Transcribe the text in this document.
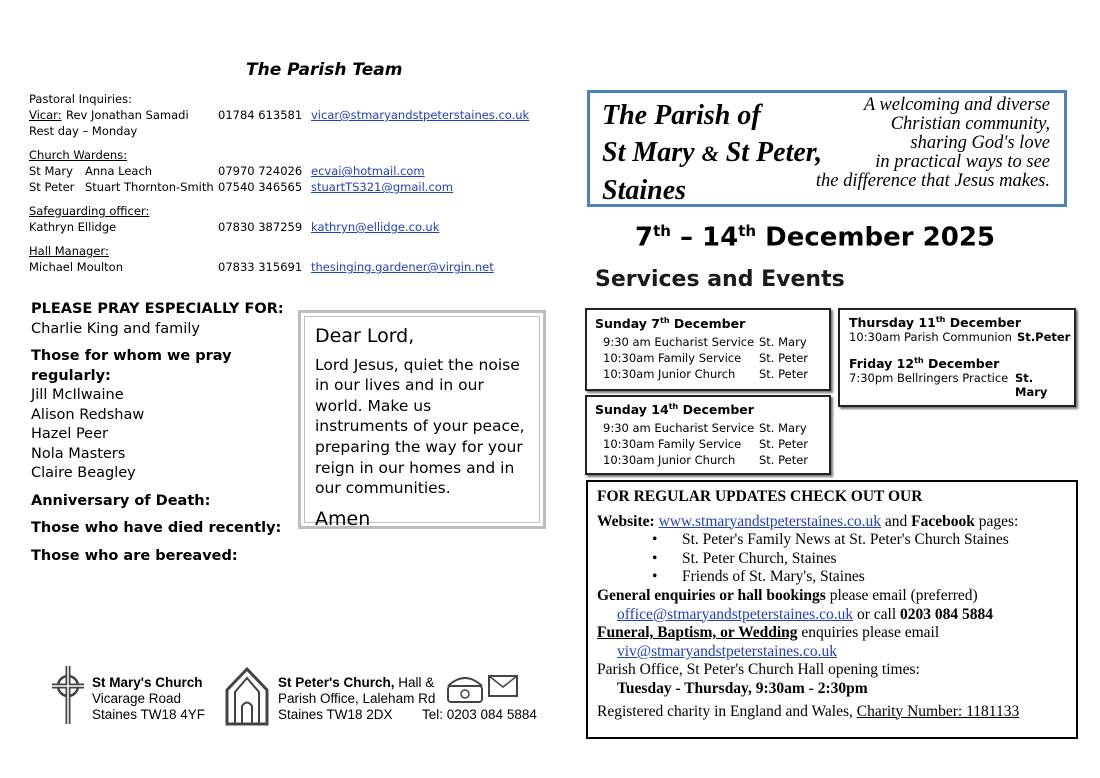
The Parish Team
Pastoral Inquiries:
Vicar: Rev Jonathan Samadi	01784 613581 vicar@stmaryandstpeterstaines.co.uk
Rest day – Monday
Church Wardens:
St Mary Anna Leach	07970 724026 ecvai@hotmail.com
St Peter Stuart Thornton-Smith 07540 346565 stuartTS321@gmail.com
Safeguarding officer:
Kathryn Ellidge	07830 387259 kathryn@ellidge.co.uk
Hall Manager:
Michael Moulton	07833 315691 thesinging.gardener@virgin.net
PLEASE PRAY ESPECIALLY FOR:
Charlie King and family
Those for whom we pray regularly:
Jill McIlwaine
Alison Redshaw
Hazel Peer
Nola Masters
Claire Beagley
Anniversary of Death:
Those who have died recently:
Those who are bereaved:
Dear Lord,
Lord Jesus, quiet the noise in our lives and in our world. Make us instruments of your peace, preparing the way for your reign in our homes and in our communities.
Amen
St Mary's Church
Vicarage Road
Staines TW18 4YF
St Peter's Church, Hall &
Parish Office, Laleham Rd
Staines TW18 2DX	Tel: 0203 084 5884
The Parish of
St Mary & St Peter,
Staines
A welcoming and diverse
Christian community,
sharing God's love
in practical ways to see
the difference that Jesus makes.
7th – 14th December 2025
Services and Events
Sunday 7th December
9:30 am Eucharist Service St. Mary
10:30am Family Service St. Peter
10:30am Junior Church St. Peter
Sunday 14th December
9:30 am Eucharist Service St. Mary
10:30am Family Service St. Peter
10:30am Junior Church St. Peter
Thursday 11th December
10:30am Parish Communion St.Peter
Friday 12th December
7:30pm Bellringers Practice St. Mary
FOR REGULAR UPDATES CHECK OUT OUR
Website: www.stmaryandstpeterstaines.co.uk and Facebook pages:
• St. Peter's Family News at St. Peter's Church Staines
• St. Peter Church, Staines
• Friends of St. Mary's, Staines
General enquiries or hall bookings please email (preferred)
office@stmaryandstpeterstaines.co.uk or call 0203 084 5884
Funeral, Baptism, or Wedding enquiries please email
viv@stmaryandstpeterstaines.co.uk
Parish Office, St Peter's Church Hall opening times:
Tuesday - Thursday, 9:30am - 2:30pm
Registered charity in England and Wales, Charity Number: 1181133
